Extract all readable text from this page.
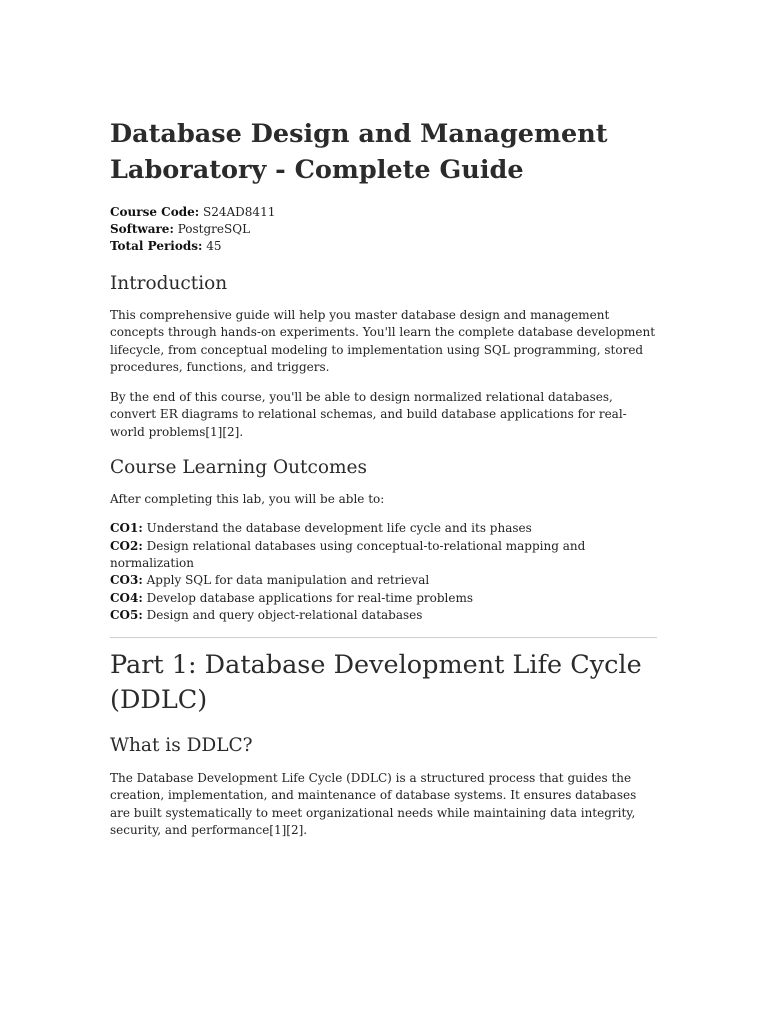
Database Design and Management Laboratory - Complete Guide
Course Code: S24AD8411
Software: PostgreSQL
Total Periods: 45
Introduction

This comprehensive guide will help you master database design and management concepts through hands-on experiments. You'll learn the complete database development lifecycle, from conceptual modeling to implementation using SQL programming, stored procedures, functions, and triggers.

By the end of this course, you'll be able to design normalized relational databases, convert ER diagrams to relational schemas, and build database applications for real-world problems[1][2].

Course Learning Outcomes

After completing this lab, you will be able to:

CO1: Understand the database development life cycle and its phases
CO2: Design relational databases using conceptual-to-relational mapping and normalization
CO3: Apply SQL for data manipulation and retrieval
CO4: Develop database applications for real-time problems
CO5: Design and query object-relational databases
Part 1: Database Development Life Cycle (DDLC)
What is DDLC?

The Database Development Life Cycle (DDLC) is a structured process that guides the creation, implementation, and maintenance of database systems. It ensures databases are built systematically to meet organizational needs while maintaining data integrity, security, and performance[1][2].
